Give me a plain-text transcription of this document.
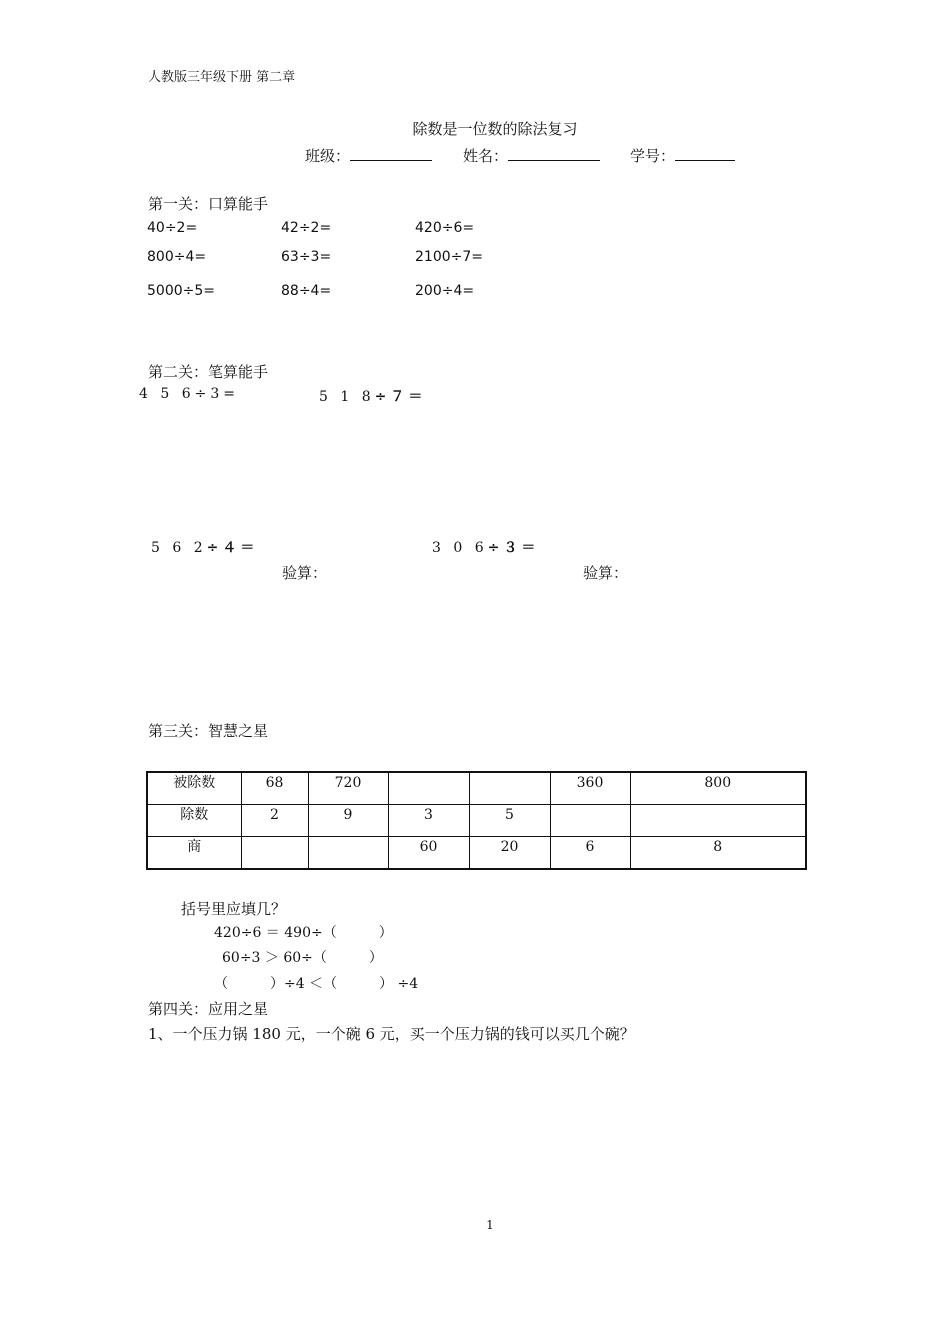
人教版三年级下册 第二章
除数是一位数的除法复习
班级：	姓名：	学号：
第一关：口算能手
40÷2=	42÷2=	420÷6=
800÷4=	63÷3=	2100÷7=
5000÷5=	88÷4=	200÷4=
第二关：笔算能手
4 5 6÷3=	5 1 8÷７＝
5 6 2÷４＝	3 0 6÷３＝
验算：	验算：
第三关：智慧之星
被除数	68	720			360	800
除数	2	9	3	5		
商			60	20	6	8
括号里应填几？
420÷6 ＝ 490÷（　　　）
60÷3 ＞ 60÷（　　　）
（　　　）÷4 ＜（　　　） ÷4
第四关：应用之星
1、一个压力锅 180 元，一个碗 6 元，买一个压力锅的钱可以买几个碗？
1
